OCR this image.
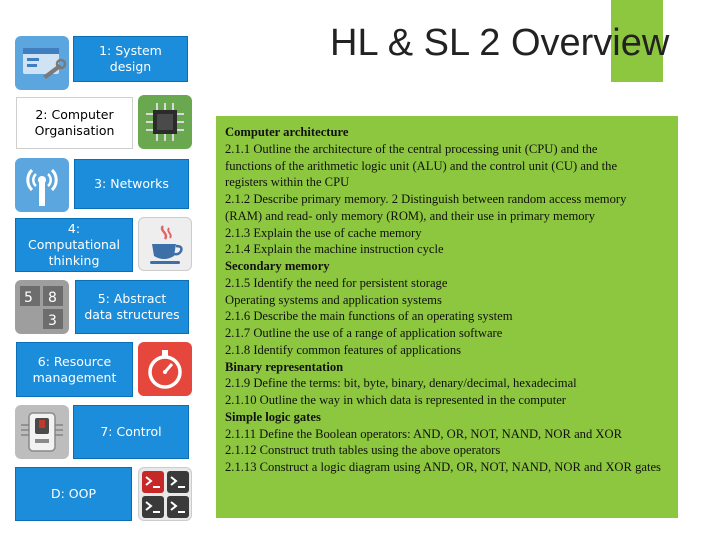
HL & SL 2 Overview
1: System design
2: Computer Organisation
3: Networks
4: Computational thinking
5 8
3
5: Abstract data structures
6: Resource management
7: Control
D: OOP
Computer architecture
2.1.1 Outline the architecture of the central processing unit (CPU) and the
functions of the arithmetic logic unit (ALU) and the control unit (CU) and the
registers within the CPU
2.1.2 Describe primary memory. 2 Distinguish between random access memory
(RAM) and read- only memory (ROM), and their use in primary memory
2.1.3 Explain the use of cache memory
2.1.4 Explain the machine instruction cycle
Secondary memory
2.1.5 Identify the need for persistent storage
Operating systems and application systems
2.1.6 Describe the main functions of an operating system
2.1.7 Outline the use of a range of application software
2.1.8 Identify common features of applications
Binary representation
2.1.9 Define the terms: bit, byte, binary, denary/decimal, hexadecimal
2.1.10 Outline the way in which data is represented in the computer
Simple logic gates
2.1.11 Define the Boolean operators: AND, OR, NOT, NAND, NOR and XOR
2.1.12 Construct truth tables using the above operators
2.1.13 Construct a logic diagram using AND, OR, NOT, NAND, NOR and XOR gates
